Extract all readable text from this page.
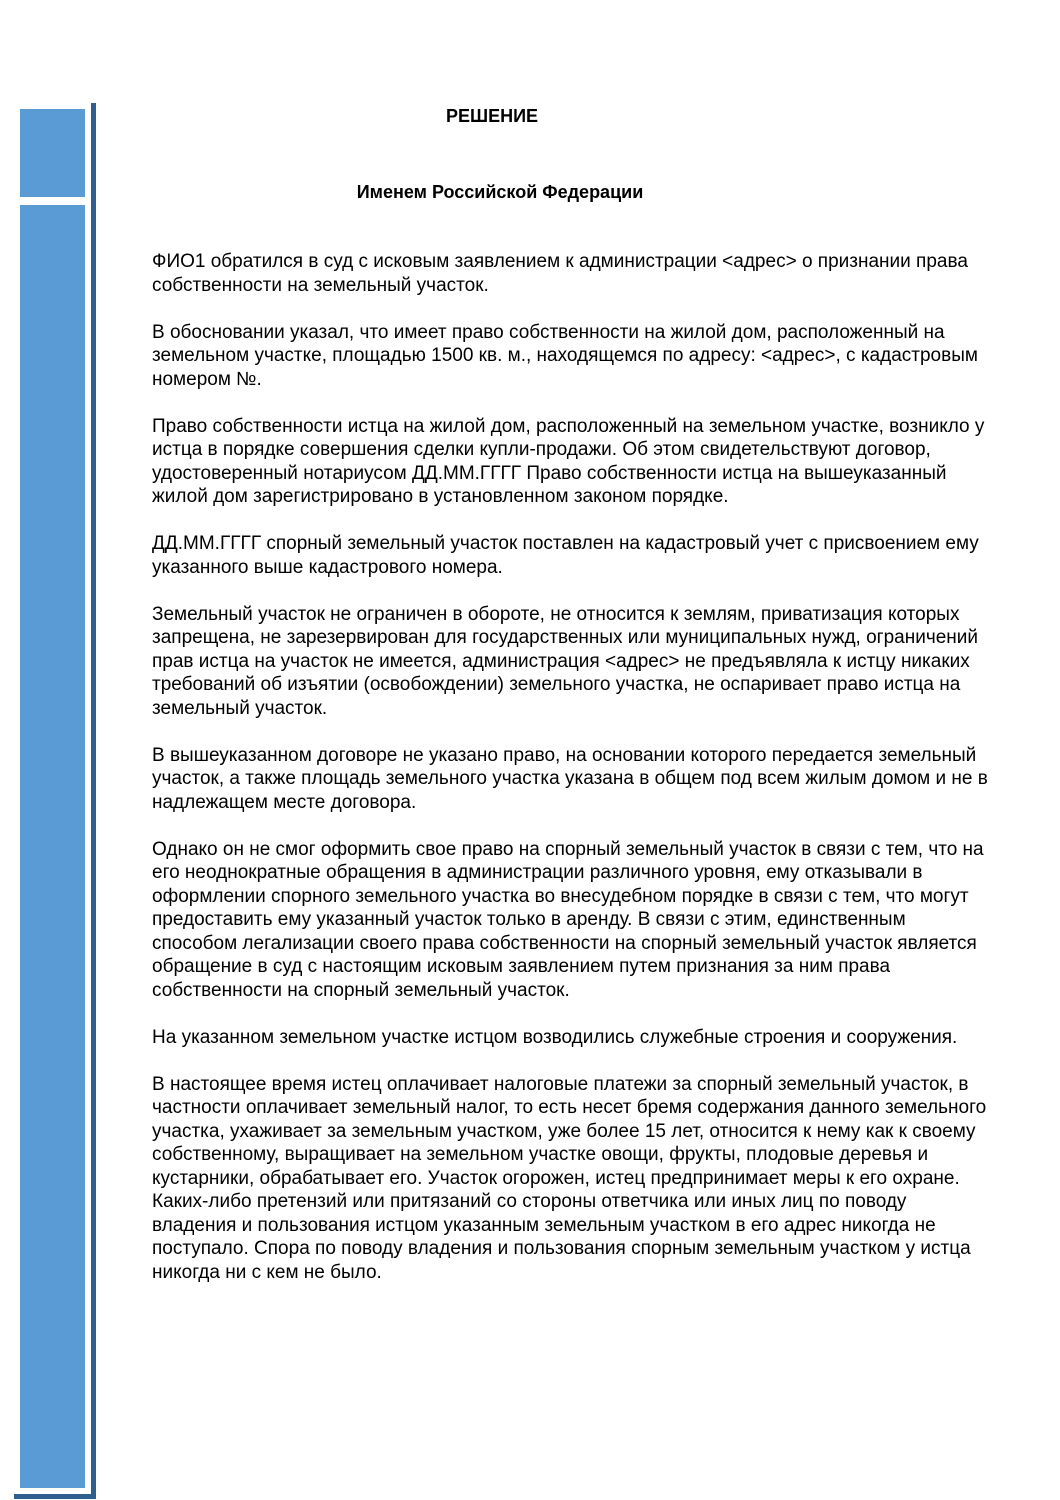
РЕШЕНИЕ
Именем Российской Федерации

ФИО1 обратился в суд с исковым заявлением к администрации <адрес> о признании права собственности на земельный участок.

В обосновании указал, что имеет право собственности на жилой дом, расположенный на земельном участке, площадью 1500 кв. м., находящемся по адресу: <адрес>, с кадастровым номером №.

Право собственности истца на жилой дом, расположенный на земельном участке, возникло у истца в порядке совершения сделки купли-продажи. Об этом свидетельствуют договор, удостоверенный нотариусом ДД.ММ.ГГГГ Право собственности истца на вышеуказанный жилой дом зарегистрировано в установленном законом порядке.

ДД.ММ.ГГГГ спорный земельный участок поставлен на кадастровый учет с присвоением ему указанного выше кадастрового номера.

Земельный участок не ограничен в обороте, не относится к землям, приватизация которых запрещена, не зарезервирован для государственных или муниципальных нужд, ограничений прав истца на участок не имеется, администрация <адрес> не предъявляла к истцу никаких требований об изъятии (освобождении) земельного участка, не оспаривает право истца на земельный участок.

В вышеуказанном договоре не указано право, на основании которого передается земельный участок, а также площадь земельного участка указана в общем под всем жилым домом и не в надлежащем месте договора.

Однако он не смог оформить свое право на спорный земельный участок в связи с тем, что на его неоднократные обращения в администрации различного уровня, ему отказывали в оформлении спорного земельного участка во внесудебном порядке в связи с тем, что могут предоставить ему указанный участок только в аренду. В связи с этим, единственным способом легализации своего права собственности на спорный земельный участок является обращение в суд с настоящим исковым заявлением путем признания за ним права собственности на спорный земельный участок.

На указанном земельном участке истцом возводились служебные строения и сооружения.

В настоящее время истец оплачивает налоговые платежи за спорный земельный участок, в частности оплачивает земельный налог, то есть несет бремя содержания данного земельного участка, ухаживает за земельным участком, уже более 15 лет, относится к нему как к своему собственному, выращивает на земельном участке овощи, фрукты, плодовые деревья и кустарники, обрабатывает его. Участок огорожен, истец предпринимает меры к его охране. Каких-либо претензий или притязаний со стороны ответчика или иных лиц по поводу владения и пользования истцом указанным земельным участком в его адрес никогда не поступало. Спора по поводу владения и пользования спорным земельным участком у истца никогда ни с кем не было.
